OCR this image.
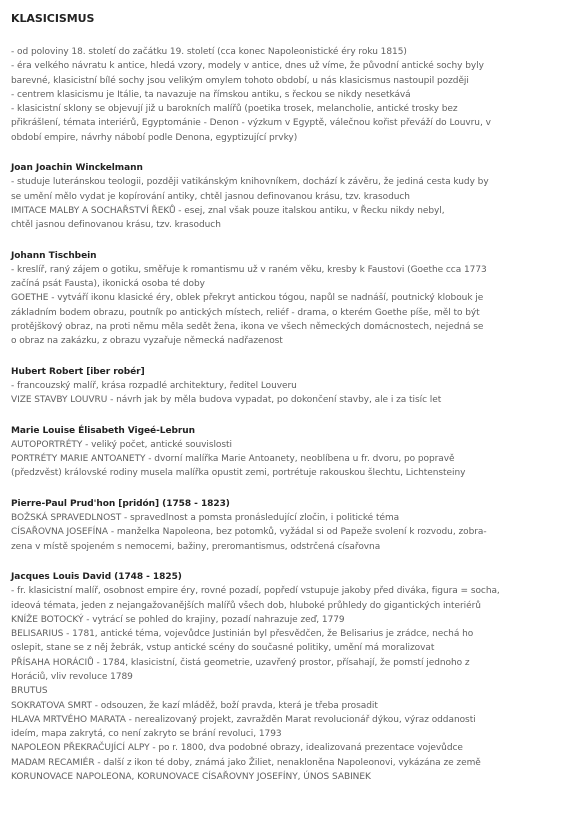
KLASICISMUS
- od poloviny 18. století do začátku 19. století (cca konec Napoleonistické éry roku 1815)
- éra velkého návratu k antice, hledá vzory, modely v antice, dnes už víme, že původní antické sochy byly
barevné, klasicistní bílé sochy jsou velikým omylem tohoto období, u nás klasicismus nastoupil později
- centrem klasicismu je Itálie, ta navazuje na římskou antiku, s řeckou se nikdy nesetkává
- klasicistní sklony se objevují již u barokních malířů (poetika trosek, melancholie, antické trosky bez
přikrášlení, témata interiérů, Egyptománie - Denon - výzkum v Egyptě, válečnou kořist převáží do Louvru, v
období empire, návrhy nábobí podle Denona, egyptizující prvky)
Joan Joachin Winckelmann
- studuje luteránskou teologii, později vatikánským knihovníkem, dochází k závěru, že jediná cesta kudy by
se umění mělo vydat je kopírování antiky, chtěl jasnou definovanou krásu, tzv. krasoduch
IMITACE MALBY A SOCHAŘSTVÍ ŘEKŮ - esej, znal však pouze italskou antiku, v Řecku nikdy nebyl,
chtěl jasnou definovanou krásu, tzv. krasoduch
Johann Tischbein
- kreslíř, raný zájem o gotiku, směřuje k romantismu už v raném věku, kresby k Faustovi (Goethe cca 1773
začíná psát Fausta), ikonická osoba té doby
GOETHE - vytváří ikonu klasické éry, oblek překryt antickou tógou, napůl se nadnáší, poutnický klobouk je
základním bodem obrazu, poutník po antických místech, reliéf - drama, o kterém Goethe píše, měl to být
protějškový obraz, na proti němu měla sedět žena, ikona ve všech německých domácnostech, nejedná se
o obraz na zakázku, z obrazu vyzařuje německá nadřazenost
Hubert Robert [iber robér]
- francouzský malíř, krása rozpadlé architektury, ředitel Louveru
VIZE STAVBY LOUVRU - návrh jak by měla budova vypadat, po dokončení stavby, ale i za tisíc let
Marie Louise Élisabeth Vigeé-Lebrun
AUTOPORTRÉTY - veliký počet, antické souvislosti
PORTRÉTY MARIE ANTOANETY - dvorní malířka Marie Antoanety, neoblíbena u fr. dvoru, po popravě
(předzvěst) královské rodiny musela malířka opustit zemi, portrétuje rakouskou šlechtu, Lichtensteiny
Pierre-Paul Prud'hon [pridón] (1758 - 1823)
BOŽSKÁ SPRAVEDLNOST - spravedlnost a pomsta pronásledující zločin, i politické téma
CÍSAŘOVNA JOSEFÍNA - manželka Napoleona, bez potomků, vyžádal si od Papeže svolení k rozvodu, zobra-
zena v místě spojeném s nemocemi, bažiny, preromantismus, odstrčená císařovna
Jacques Louis David (1748 - 1825)
- fr. klasicistní malíř, osobnost empire éry, rovné pozadí, popředí vstupuje jakoby před diváka, figura = socha,
ideová témata, jeden z nejangažovanějších malířů všech dob, hluboké průhledy do gigantických interiérů
KNÍŽE BOTOCKÝ - vytrácí se pohled do krajiny, pozadí nahrazuje zeď, 1779
BELISARIUS - 1781, antické téma, vojevůdce Justinián byl přesvědčen, že Belisarius je zrádce, nechá ho
oslepit, stane se z něj žebrák, vstup antické scény do současné politiky, umění má moralizovat
PŘÍSAHA HORÁCIŮ - 1784, klasicistní, čistá geometrie, uzavřený prostor, přísahají, že pomstí jednoho z
Horáciů, vliv revoluce 1789
BRUTUS
SOKRATOVA SMRT - odsouzen, že kazí mláděž, boží pravda, která je třeba prosadit
HLAVA MRTVÉHO MARATA - nerealizovaný projekt, zavražděn Marat revolucionář dýkou, výraz oddanosti
ideím, mapa zakrytá, co není zakryto se brání revoluci, 1793
NAPOLEON PŘEKRAČUJÍCÍ ALPY - po r. 1800, dva podobné obrazy, idealizovaná prezentace vojevůdce
MADAM RECAMIÉR - další z ikon té doby, známá jako Žiliet, nenakloněna Napoleonovi, vykázána ze země
KORUNOVACE NAPOLEONA, KORUNOVACE CÍSAŘOVNY JOSEFÍNY, ÚNOS SABINEK
